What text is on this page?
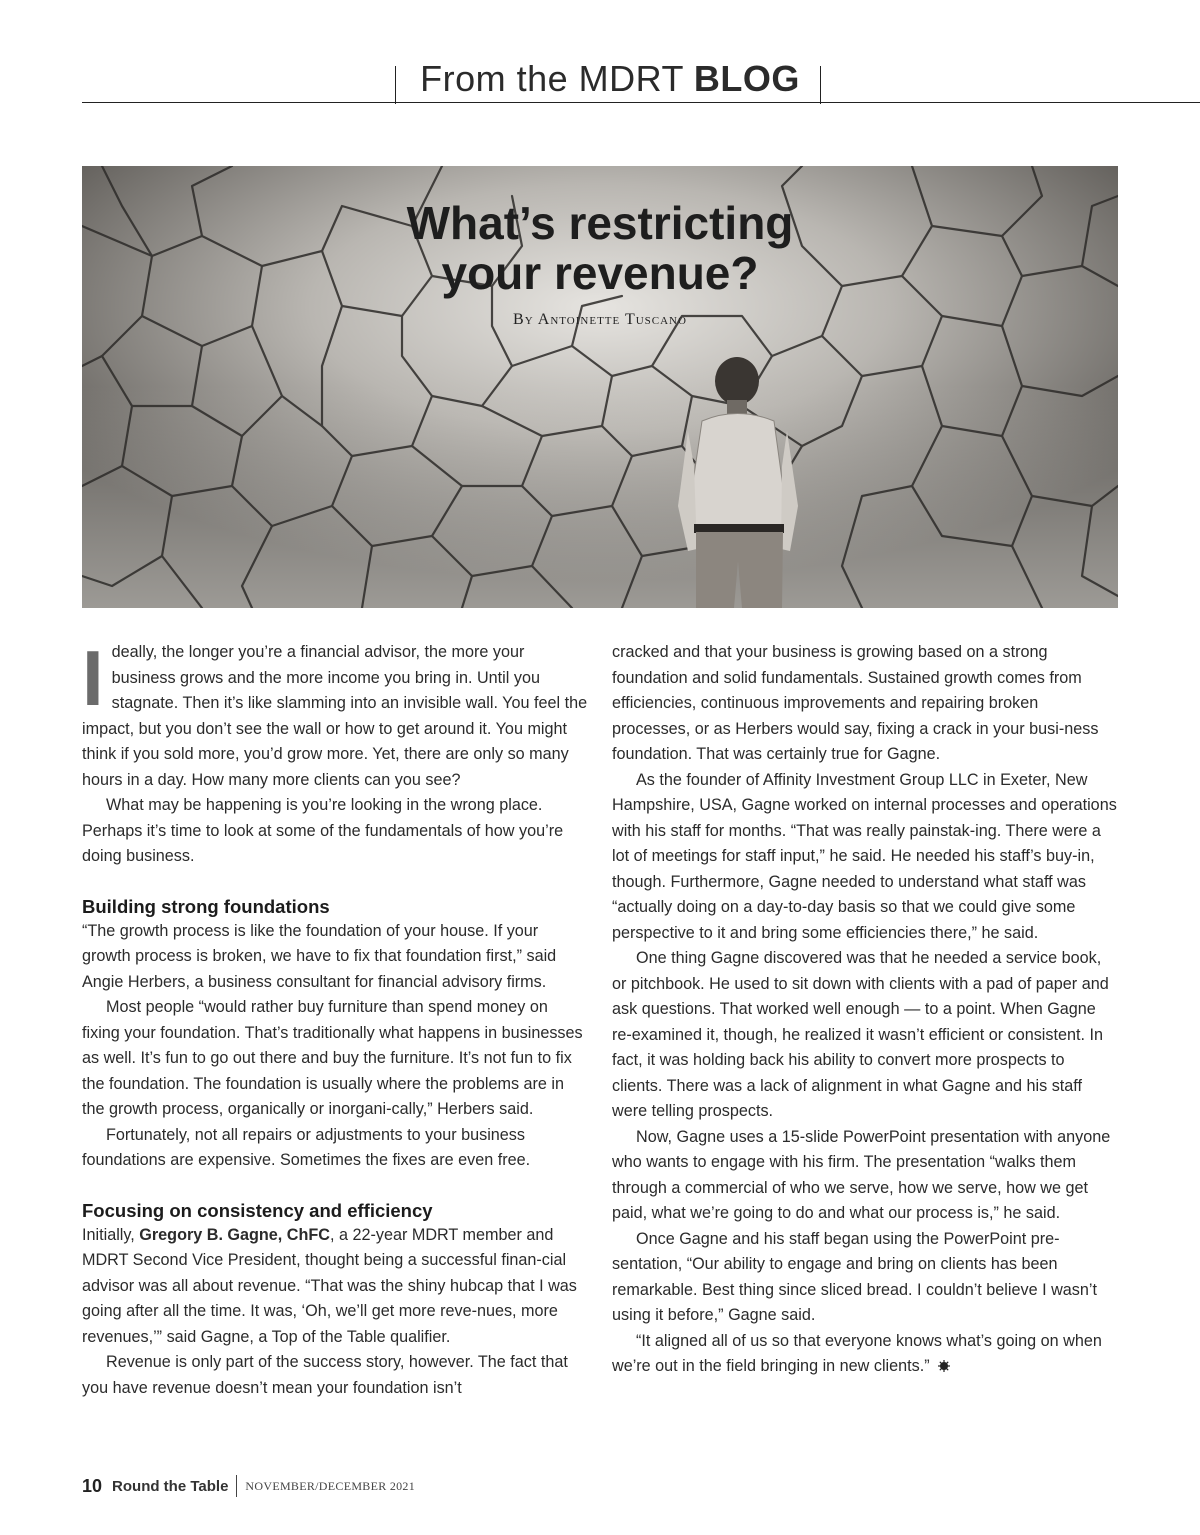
From the MDRT BLOG
What’s restricting
your revenue?
By Antoinette Tuscano

Ideally, the longer you’re a financial advisor, the more your business grows and the more income you bring in. Until you stagnate. Then it’s like slamming into an invisible wall. You feel the impact, but you don’t see the wall or how to get around it. You might think if you sold more, you’d grow more. Yet, there are only so many hours in a day. How many more clients can you see?

What may be happening is you’re looking in the wrong place. Perhaps it’s time to look at some of the fundamentals of how you’re doing business.

Building strong foundations

“The growth process is like the foundation of your house. If your growth process is broken, we have to fix that foundation first,” said Angie Herbers, a business consultant for financial advisory firms.

Most people “would rather buy furniture than spend money on fixing your foundation. That’s traditionally what happens in businesses as well. It’s fun to go out there and buy the furniture. It’s not fun to fix the foundation. The foundation is usually where the problems are in the growth process, organically or inorgani-cally,” Herbers said.

Fortunately, not all repairs or adjustments to your business foundations are expensive. Sometimes the fixes are even free.

Focusing on consistency and efficiency

Initially, Gregory B. Gagne, ChFC, a 22-year MDRT member and MDRT Second Vice President, thought being a successful finan-cial advisor was all about revenue. “That was the shiny hubcap that I was going after all the time. It was, ‘Oh, we’ll get more reve-nues, more revenues,’” said Gagne, a Top of the Table qualifier.

Revenue is only part of the success story, however. The fact that you have revenue doesn’t mean your foundation isn’t

cracked and that your business is growing based on a strong foundation and solid fundamentals. Sustained growth comes from efficiencies, continuous improvements and repairing broken processes, or as Herbers would say, fixing a crack in your busi-ness foundation. That was certainly true for Gagne.

As the founder of Affinity Investment Group LLC in Exeter, New Hampshire, USA, Gagne worked on internal processes and operations with his staff for months. “That was really painstak-ing. There were a lot of meetings for staff input,” he said. He needed his staff’s buy-in, though. Furthermore, Gagne needed to understand what staff was “actually doing on a day-to-day basis so that we could give some perspective to it and bring some efficiencies there,” he said.

One thing Gagne discovered was that he needed a service book, or pitchbook. He used to sit down with clients with a pad of paper and ask questions. That worked well enough — to a point. When Gagne re-examined it, though, he realized it wasn’t efficient or consistent. In fact, it was holding back his ability to convert more prospects to clients. There was a lack of alignment in what Gagne and his staff were telling prospects.

Now, Gagne uses a 15-slide PowerPoint presentation with anyone who wants to engage with his firm. The presentation “walks them through a commercial of who we serve, how we serve, how we get paid, what we’re going to do and what our process is,” he said.

Once Gagne and his staff began using the PowerPoint pre-sentation, “Our ability to engage and bring on clients has been remarkable. Best thing since sliced bread. I couldn’t believe I wasn’t using it before,” Gagne said.

“It aligned all of us so that everyone knows what’s going on when we’re out in the field bringing in new clients.”

10 Round the Table NOVEMBER/DECEMBER 2021
